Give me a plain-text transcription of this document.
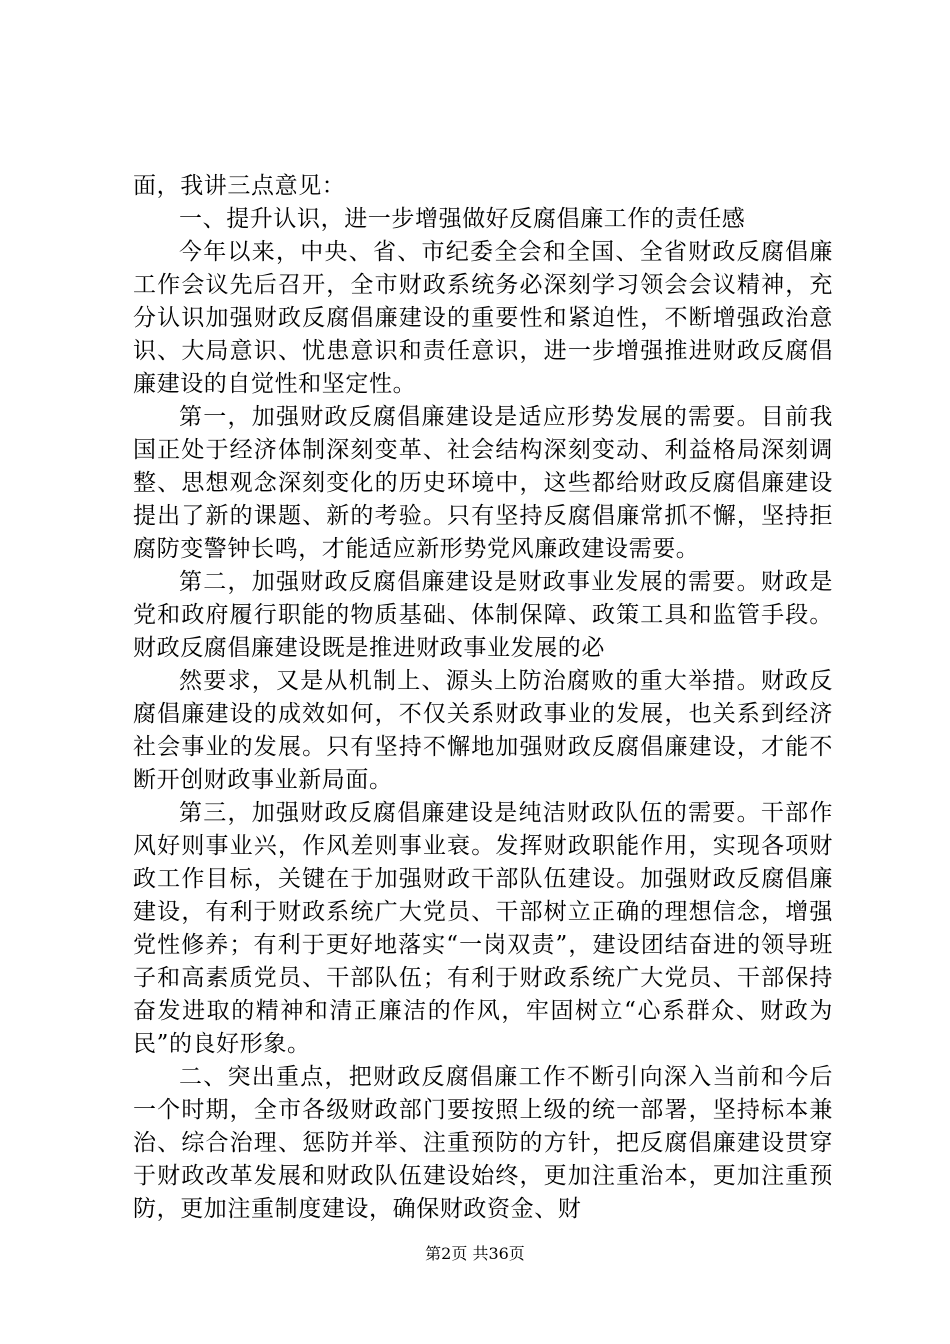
面，我讲三点意见：

一、提升认识，进一步增强做好反腐倡廉工作的责任感

今年以来，中央、省、市纪委全会和全国、全省财政反腐倡廉工作会议先后召开，全市财政系统务必深刻学习领会会议精神，充分认识加强财政反腐倡廉建设的重要性和紧迫性，不断增强政治意识、大局意识、忧患意识和责任意识，进一步增强推进财政反腐倡廉建设的自觉性和坚定性。

第一，加强财政反腐倡廉建设是适应形势发展的需要。目前我国正处于经济体制深刻变革、社会结构深刻变动、利益格局深刻调整、思想观念深刻变化的历史环境中，这些都给财政反腐倡廉建设提出了新的课题、新的考验。只有坚持反腐倡廉常抓不懈，坚持拒腐防变警钟长鸣，才能适应新形势党风廉政建设需要。

第二，加强财政反腐倡廉建设是财政事业发展的需要。财政是党和政府履行职能的物质基础、体制保障、政策工具和监管手段。财政反腐倡廉建设既是推进财政事业发展的必

然要求，又是从机制上、源头上防治腐败的重大举措。财政反腐倡廉建设的成效如何，不仅关系财政事业的发展，也关系到经济社会事业的发展。只有坚持不懈地加强财政反腐倡廉建设，才能不断开创财政事业新局面。

第三，加强财政反腐倡廉建设是纯洁财政队伍的需要。干部作风好则事业兴，作风差则事业衰。发挥财政职能作用，实现各项财政工作目标，关键在于加强财政干部队伍建设。加强财政反腐倡廉建设，有利于财政系统广大党员、干部树立正确的理想信念，增强党性修养；有利于更好地落实“一岗双责”，建设团结奋进的领导班子和高素质党员、干部队伍；有利于财政系统广大党员、干部保持奋发进取的精神和清正廉洁的作风，牢固树立“心系群众、财政为民”的良好形象。

二、突出重点，把财政反腐倡廉工作不断引向深入当前和今后一个时期，全市各级财政部门要按照上级的统一部署，坚持标本兼治、综合治理、惩防并举、注重预防的方针，把反腐倡廉建设贯穿于财政改革发展和财政队伍建设始终，更加注重治本，更加注重预防，更加注重制度建设，确保财政资金、财

第2页 共36页
